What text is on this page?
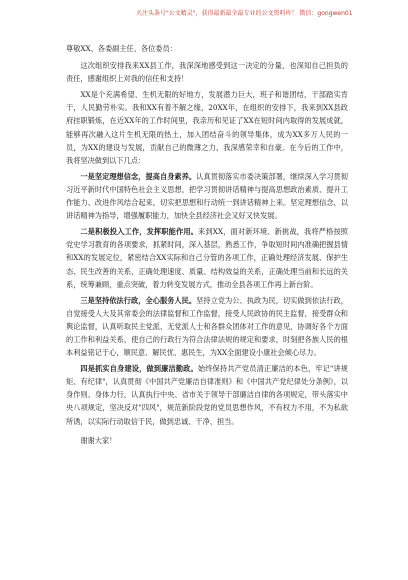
关注头条号"公文精灵"，获得最新最全最专业的公文资料库！ 微信：gongwen01

尊敬XX、各委副主任、各位委员：

这次组织安排我来XX县工作，我深深地感受到这一决定的分量，也深知自己担负的责任，感谢组织上对我的信任和支持！

XX是个充满希望、生机无限的好地方，发展潜力巨大，班子和谐团结，干部踏实肯干，人民勤劳朴实。我和XX有着不解之缘，20XX年，在组织的安排下，我来到XX县政府挂职锻炼，在近XX年的工作时间里，我亲历和见证了XX在短时间内取得的发展成就，能够再次融入这片生机无限的热土，加入团结奋斗的领导集体，成为XX多万人民的一员，为XX的建设与发展，贡献自己的微薄之力，我深感荣幸和自豪。在今后的工作中，我将坚决做到以下几点：

一是坚定理想信念，提高自身素养。认真贯彻落实市委决策部署，继续深入学习贯彻习近平新时代中国特色社会主义思想，把学习贯彻讲话精神与提高思想政治素质、提升工作能力、改进作风结合起来，切实把思想和行动统一到讲话精神上来。坚定理想信念，以讲话精神为指导，增强履职能力，加快全县经济社会又好又快发展。

二是积极投入工作，发挥职能作用。来到XX，面对新环境、新挑战，我将严格按照党史学习教育的各项要求，抓紧时间，深入基层，熟悉工作，争取短时间内准确把握县情和XX的发展定位，紧密结合XX实际和自己分管的各项工作，正确处理经济发展、保护生态、民生改善的关系，正确处理速度、质量、结构效益的关系，正确处理当前和长远的关系，统筹兼顾，重点突破，着力转变发展方式，推动全县各项工作再上新台阶。

三是坚持依法行政，全心服务人民。坚持立党为公、执政为民，切实做到依法行政，自觉接受人大及其常委会的法律监督和工作监督，接受人民政协的民主监督，接受群众和舆论监督，认真听取民主党派、无党派人士和各群众团体对工作的意见，协调好各个方面的工作和利益关系，使自己的行政行为符合法律法规的规定和要求，时刻把各族人民的根本利益铭记于心，顺民意、解民忧、惠民生，为XX全面建设小康社会倾心尽力。

四是抓实自身建设，做到廉洁勤政。始终保持共产党员清正廉洁的本色，牢记"讲规矩、有纪律"，认真贯彻《中国共产党廉洁自律准则》和《中国共产党纪律处分条例》，以身作则、身体力行，认真执行中央、省市关于领导干部廉洁自律的各项规定，带头落实中央八项规定，坚决反对"四风"，规范新阶段党的党员思想作风，不有权力不用，不为私欲所诱，以实际行动取信于民，做到忠诚、干净、担当。

谢谢大家！
